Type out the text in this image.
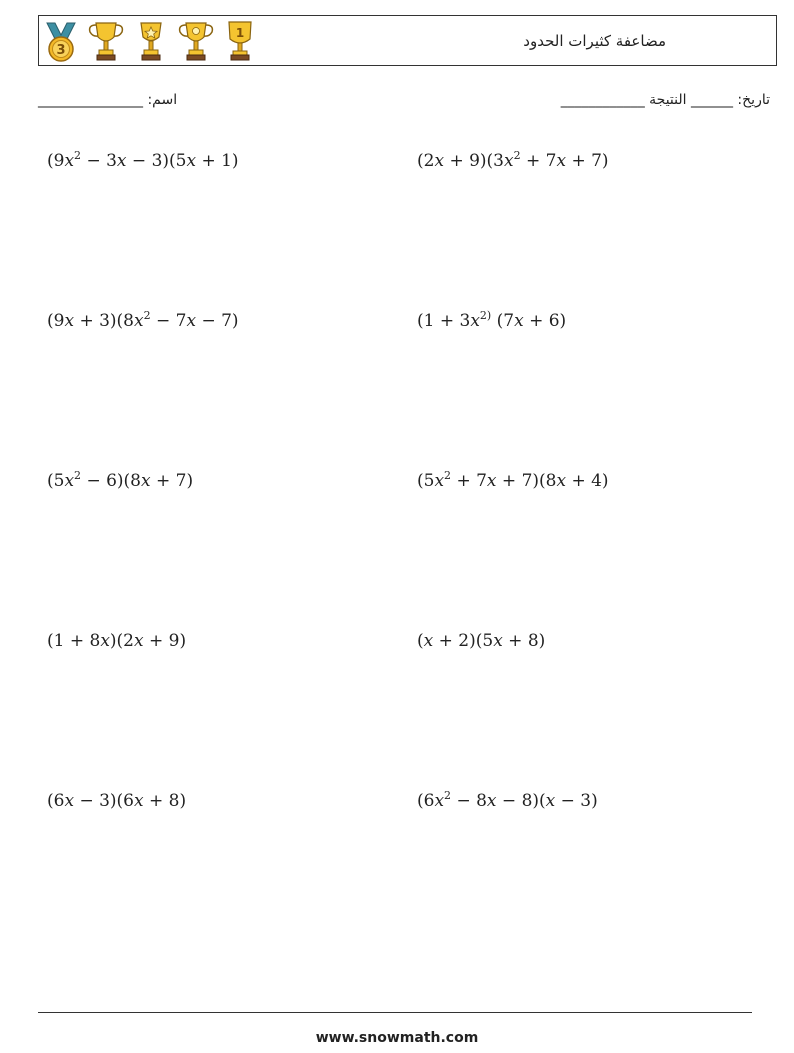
3
1	مضاعفة كثيرات الحدود
اسم: _______________	تاريخ: ______ النتيجة ____________
$(9x^2 - 3x - 3)(5x + 1)$	$(2x + 9)(3x^2 + 7x + 7)$
$(9x + 3)(8x^2 - 7x - 7)$	($1 + 3x^{2)}$ (7x + 6)
$(5x^2 - 6)(8x + 7)$	$(5x^2 + 7x + 7)(8x + 4)$
(1 + 8x)(2x + 9)	(x + 2)(5x + 8)
(6x − 3)(6x + 8)	$(6x^2 - 8x - 8)(x - 3)$
www.snowmath.com
